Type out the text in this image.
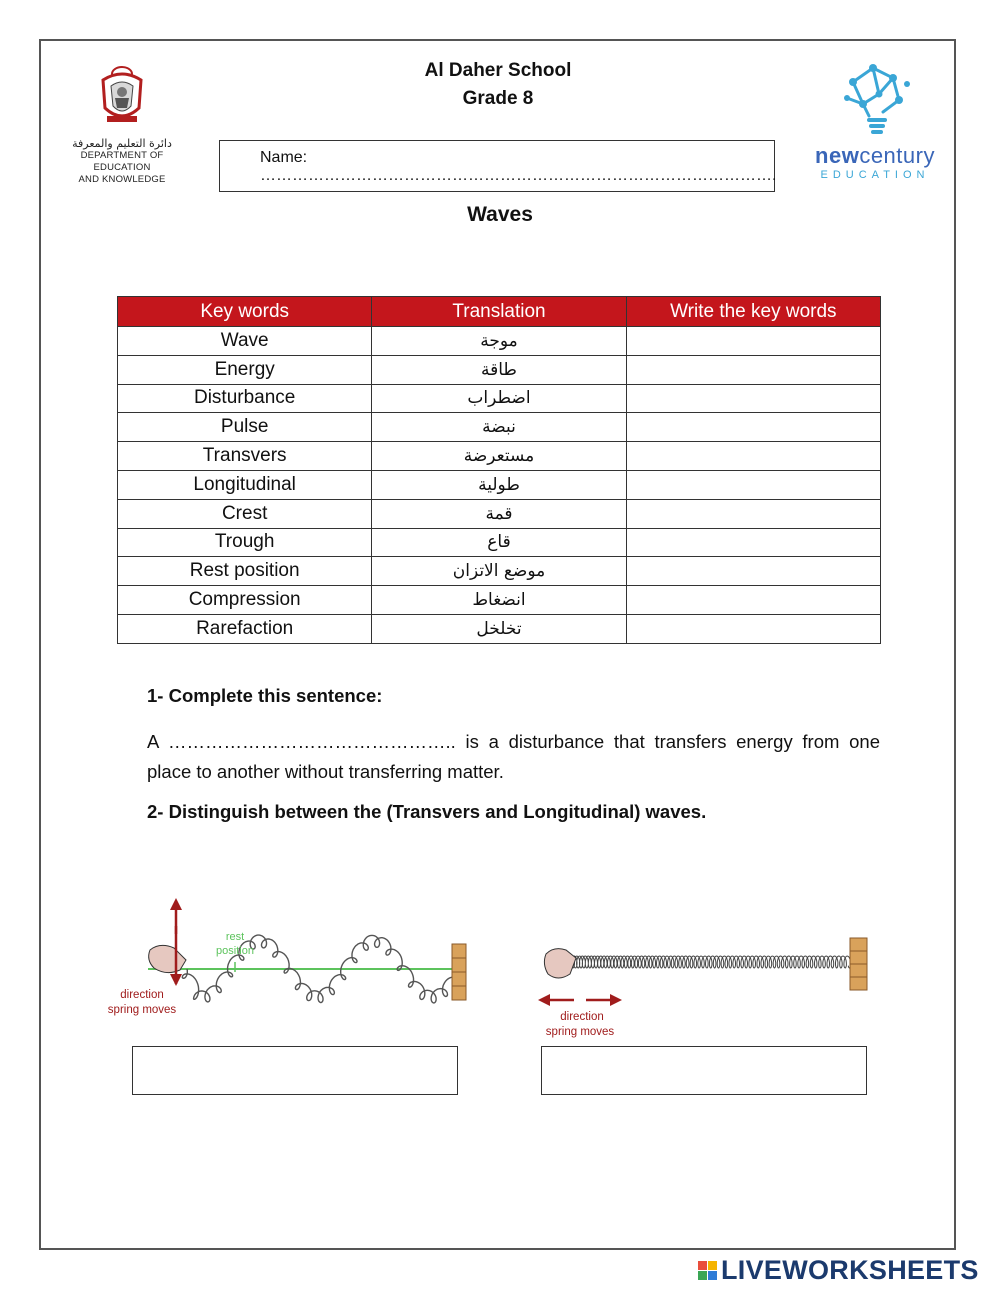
دائرة التعليم والمعرفة
DEPARTMENT OF EDUCATION
AND KNOWLEDGE
Al Daher School
Grade 8
newcentury
EDUCATION
Name: …………………………………………………………………………………….
Waves
Key words	Translation	Write the key words
Wave	موجة	
Energy	طاقة	
Disturbance	اضطراب	
Pulse	نبضة	
Transvers	مستعرضة	
Longitudinal	طولية	
Crest	قمة	
Trough	قاع	
Rest position	موضع الاتزان	
Compression	انضغاط	
Rarefaction	تخلخل	
1- Complete this sentence:
A ……………………………………….. is a disturbance that transfers energy from one place to another without transferring matter.
2- Distinguish between the (Transvers and Longitudinal) waves.
rest
position
direction
spring moves
direction
spring moves
LIVEWORKSHEETS
